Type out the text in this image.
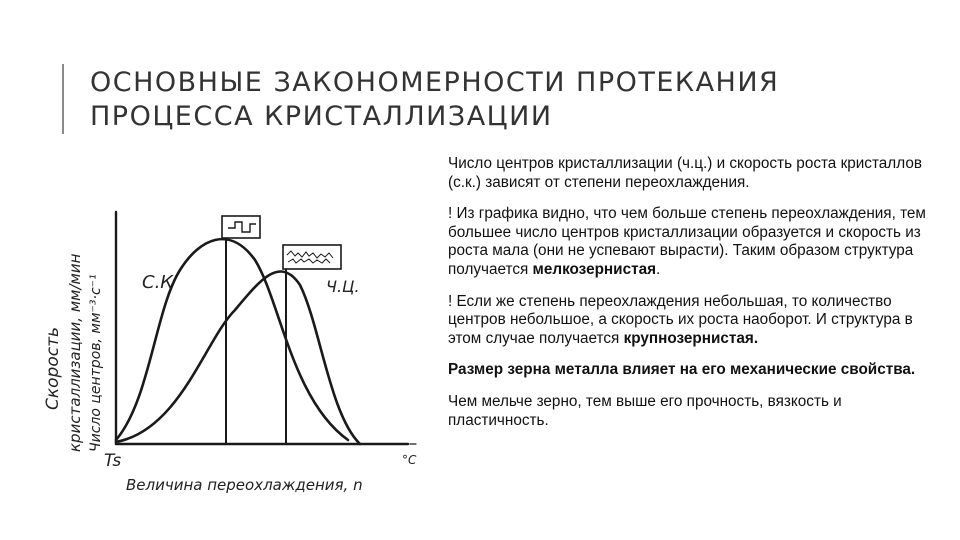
ОСНОВНЫЕ ЗАКОНОМЕРНОСТИ ПРОТЕКАНИЯ
ПРОЦЕССА КРИСТАЛЛИЗАЦИИ
С.К	Ч.Ц.
Ts	°C
Величина переохлаждения, n
Скорость кристаллизации, мм/мин Число центров, мм⁻³·с⁻¹

Число центров кристаллизации (ч.ц.) и скорость роста кристаллов (с.к.) зависят от степени переохлаждения.

! Из графика видно, что чем больше степень переохлаждения, тем большее число центров кристаллизации образуется и скорость из роста мала (они не успевают вырасти). Таким образом структура получается мелкозернистая.

! Если же степень переохлаждения небольшая, то количество центров небольшое, а скорость их роста наоборот. И структура в этом случае получается крупнозернистая.

Размер зерна металла влияет на его механические свойства.

Чем мельче зерно, тем выше его прочность, вязкость и пластичность.
